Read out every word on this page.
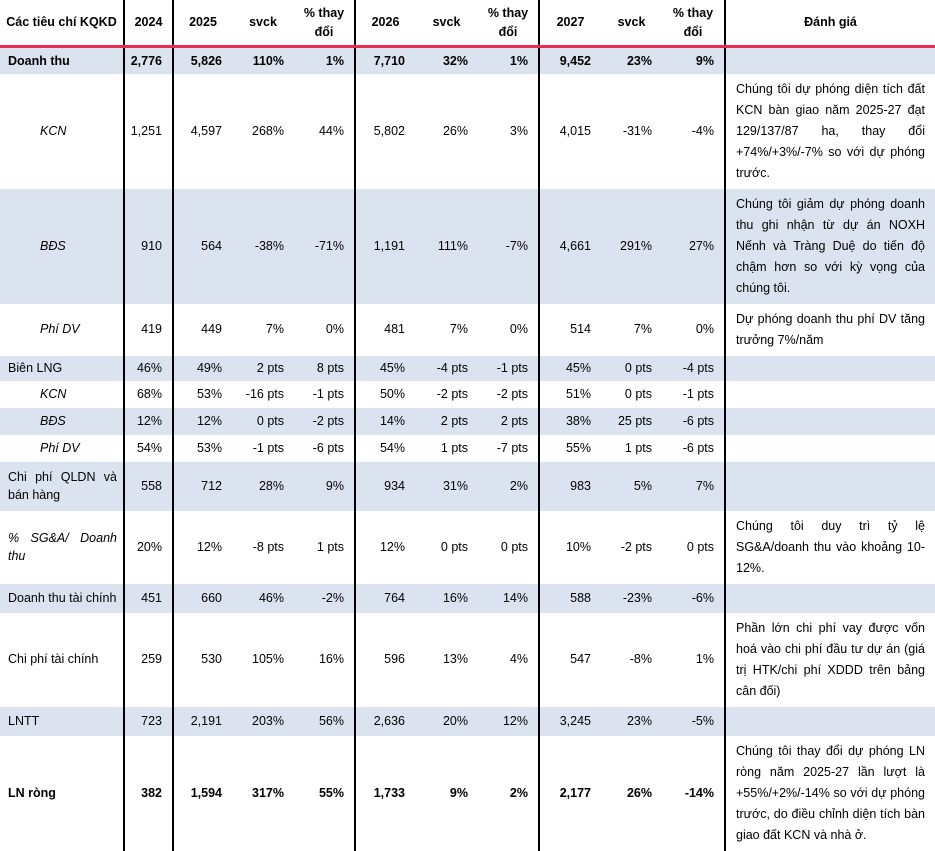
Các tiêu chí KQKD	2024	2025	svck	% thay đổi	2026	svck	% thay đổi	2027	svck	% thay đổi	Đánh giá
Doanh thu	2,776	5,826	110%	1%	7,710	32%	1%	9,452	23%	9%	
KCN	1,251	4,597	268%	44%	5,802	26%	3%	4,015	-31%	-4%	Chúng tôi dự phóng diện tích đất KCN bàn giao năm 2025-27 đạt 129/137/87 ha, thay đổi +74%/+3%/-7% so với dự phóng trước.
BĐS	910	564	-38%	-71%	1,191	111%	-7%	4,661	291%	27%	Chúng tôi giảm dự phóng doanh thu ghi nhận từ dự án NOXH Nếnh và Tràng Duệ do tiến độ chậm hơn so với kỳ vọng của chúng tôi.
Phí DV	419	449	7%	0%	481	7%	0%	514	7%	0%	Dự phóng doanh thu phí DV tăng trưởng 7%/năm
Biên LNG	46%	49%	2 pts	8 pts	45%	-4 pts	-1 pts	45%	0 pts	-4 pts	
KCN	68%	53%	-16 pts	-1 pts	50%	-2 pts	-2 pts	51%	0 pts	-1 pts	
BĐS	12%	12%	0 pts	-2 pts	14%	2 pts	2 pts	38%	25 pts	-6 pts	
Phí DV	54%	53%	-1 pts	-6 pts	54%	1 pts	-7 pts	55%	1 pts	-6 pts	
Chi phí QLDN và bán hàng	558	712	28%	9%	934	31%	2%	983	5%	7%	
% SG&A/ Doanh thu	20%	12%	-8 pts	1 pts	12%	0 pts	0 pts	10%	-2 pts	0 pts	Chúng tôi duy trì tỷ lệ SG&A/doanh thu vào khoảng 10-12%.
Doanh thu tài chính	451	660	46%	-2%	764	16%	14%	588	-23%	-6%	
Chi phí tài chính	259	530	105%	16%	596	13%	4%	547	-8%	1%	Phần lớn chi phí vay được vốn hoá vào chi phí đầu tư dự án (giá trị HTK/chi phí XDDD trên bảng cân đối)
LNTT	723	2,191	203%	56%	2,636	20%	12%	3,245	23%	-5%	
LN ròng	382	1,594	317%	55%	1,733	9%	2%	2,177	26%	-14%	Chúng tôi thay đổi dự phóng LN ròng năm 2025-27 lần lượt là +55%/+2%/-14% so với dự phóng trước, do điều chỉnh diện tích bàn giao đất KCN và nhà ở.
